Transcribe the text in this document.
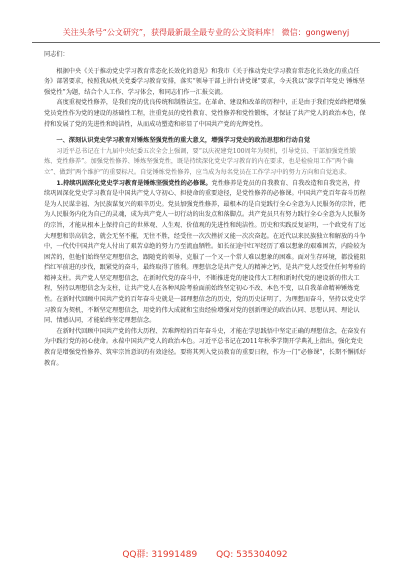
关注头条号“公文研究”，获得最新最全最专业的公文资料库！ 微信：gongwenyj

同志们：

根据中央《关于推动党史学习教育常态化长效化的意见》和我市《关于推动党史学习教育常态化长效化的重点任务》部署要求，按照我局机关党委学习教育安排，落实“领导干部上讲台讲党课”要求，今天我以“深学百年党史 锤炼坚强党性”为题，结合个人工作、学习体会，和同志们作一汇报交流。

高度重视党性修养，是我们党的优良传统和制胜法宝。在革命、建设和改革的历程中，正是由于我们党始终把增强党员党性作为党的建设的基础性工程，注重党员的党性教育、党性修养和党性锻炼，才保证了共产党人的政治本色，保持和发展了党的先进性和纯洁性，从而成功塑造和彰显了中国共产党的光辉党性。

一、深刻认识党史学习教育对锤炼坚强党性的重大意义，增强学习党史的政治思想和行动自觉

习近平总书记在十九届中央纪委五次全会上强调，要“以庆祝建党100周年为契机，引导党员、干部加强党性锻炼、党性修养”。加强党性修养、锤炼坚强党性，既是持续深化党史学习教育的内在要求，也是检验用工作“两个确立”、做到“两个维护”的重要标尺。自觉锤炼党性修养，应当成为每名党员在工作学习中的努力方向和自觉追求。

1.持续巩固深化党史学习教育是锤炼坚强党性的必修课。党性修养是党员的自我教育、自我改造和自我完善，持续巩固深化党史学习教育是中国共产党人守初心、担使命的重要途径，是党性修养的必修课。中国共产党百年奋斗历程是为人民谋幸福、为民族谋复兴的艰辛历史。党员加强党性修养，最根本的是自觉践行全心全意为人民服务的宗旨，把为人民服务内化为自己的灵魂，成为共产党人一切行动的出发点和落脚点。共产党员只有努力践行全心全意为人民服务的宗旨，才能从根本上保持自己的世界观、人生观、价值观的先进性和纯洁性。历史和实践反复证明，一个政党有了远大理想和崇高信念，就会无坚不摧，无往不胜，经受住一次次挫折又能一次次奋起。在近代以来民族独立和解放的斗争中，一代代中国共产党人付出了艰苦卓绝的努力乃至流血牺牲。如长征途中红军经历了难以想象的艰难困苦，内险较为困苦的，但他们始终坚定理想信念，跟随党的领导，克服了一个又一个常人难以想象的困难。面对生存环境，都没能阻挡红军前进的步伐，跟紧党的奋斗，最终取得了胜利。理想信念是共产党人的精神之钙，是共产党人经受住任何考验的精神支柱。共产党人坚定理想信念，在新时代党的奋斗中，不断推进党的建设伟大工程和新时代党的建设新的伟大工程，坚持以理想信念为支柱，让共产党人在各种风险考验面前始终坚定初心不改、本色不变，以自我革命精神锤炼党性。在新时代回顾中国共产党的百年奋斗史就是一部理想信念的历史，党的历史证明了，为理想而奋斗，坚持以党史学习教育为契机，不断坚定理想信念，用党的伟大成就和宝贵经验增强对党的创新理论的政治认同、思想认同、理论认同、情感认同，才能始终坚定理想信念。

在新时代回顾中国共产党的伟大历程、苦难辉煌的百年奋斗史，才能在学思践悟中坚定正确的理想信念，在奋发有为中践行党的初心使命。永葆中国共产党人的政治本色。习近平总书记在2011年秋季学期开学典礼上指出，强化党史教育是增强党性修养、筑牢宗旨意识的有效途径。要将其列入党员教育的重要日程，作为一门“必修课”，长期不懈抓好教育。

QQ群: 31991489 QQ: 535304092
